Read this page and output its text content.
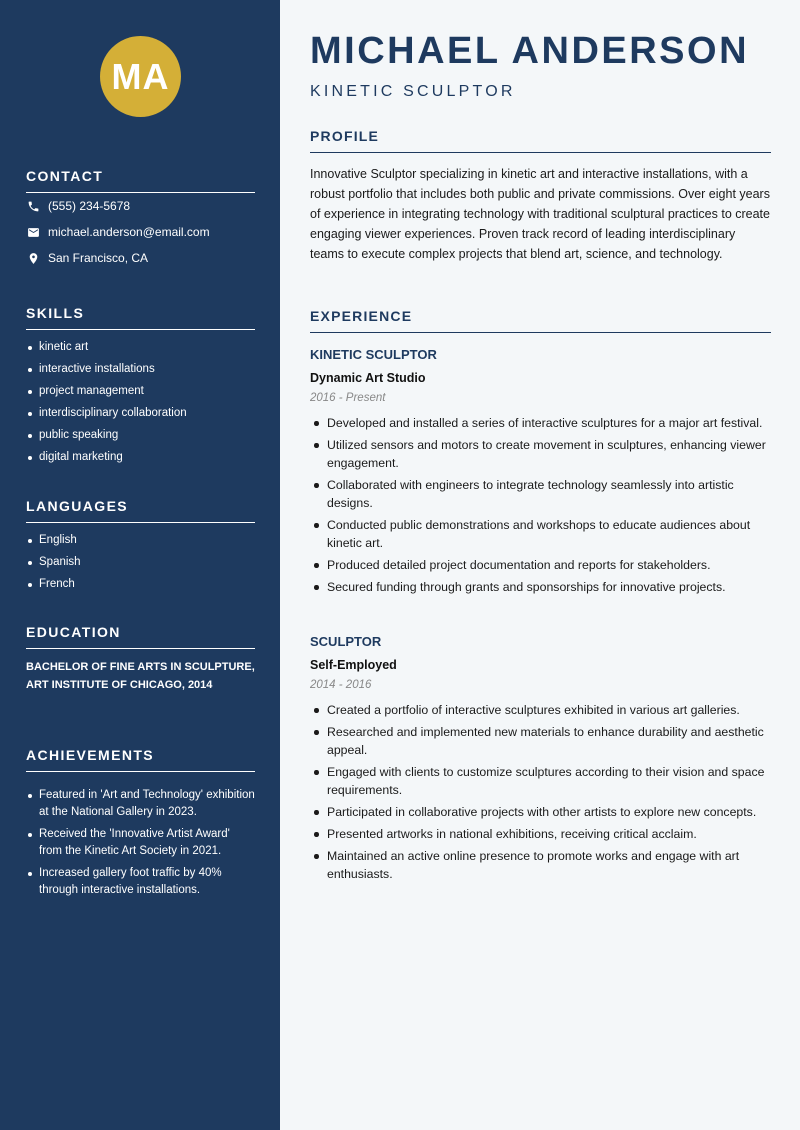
MA
CONTACT
(555) 234-5678
michael.anderson@email.com
San Francisco, CA
SKILLS
kinetic art
interactive installations
project management
interdisciplinary collaboration
public speaking
digital marketing
LANGUAGES
English
Spanish
French
EDUCATION
BACHELOR OF FINE ARTS IN SCULPTURE, ART INSTITUTE OF CHICAGO, 2014
ACHIEVEMENTS
Featured in 'Art and Technology' exhibition at the National Gallery in 2023.
Received the 'Innovative Artist Award' from the Kinetic Art Society in 2021.
Increased gallery foot traffic by 40% through interactive installations.
MICHAEL ANDERSON
KINETIC SCULPTOR
PROFILE

Innovative Sculptor specializing in kinetic art and interactive installations, with a robust portfolio that includes both public and private commissions. Over eight years of experience in integrating technology with traditional sculptural practices to create engaging viewer experiences. Proven track record of leading interdisciplinary teams to execute complex projects that blend art, science, and technology.

EXPERIENCE
KINETIC SCULPTOR
Dynamic Art Studio
2016 - Present
Developed and installed a series of interactive sculptures for a major art festival.
Utilized sensors and motors to create movement in sculptures, enhancing viewer engagement.
Collaborated with engineers to integrate technology seamlessly into artistic designs.
Conducted public demonstrations and workshops to educate audiences about kinetic art.
Produced detailed project documentation and reports for stakeholders.
Secured funding through grants and sponsorships for innovative projects.
SCULPTOR
Self-Employed
2014 - 2016
Created a portfolio of interactive sculptures exhibited in various art galleries.
Researched and implemented new materials to enhance durability and aesthetic appeal.
Engaged with clients to customize sculptures according to their vision and space requirements.
Participated in collaborative projects with other artists to explore new concepts.
Presented artworks in national exhibitions, receiving critical acclaim.
Maintained an active online presence to promote works and engage with art enthusiasts.
